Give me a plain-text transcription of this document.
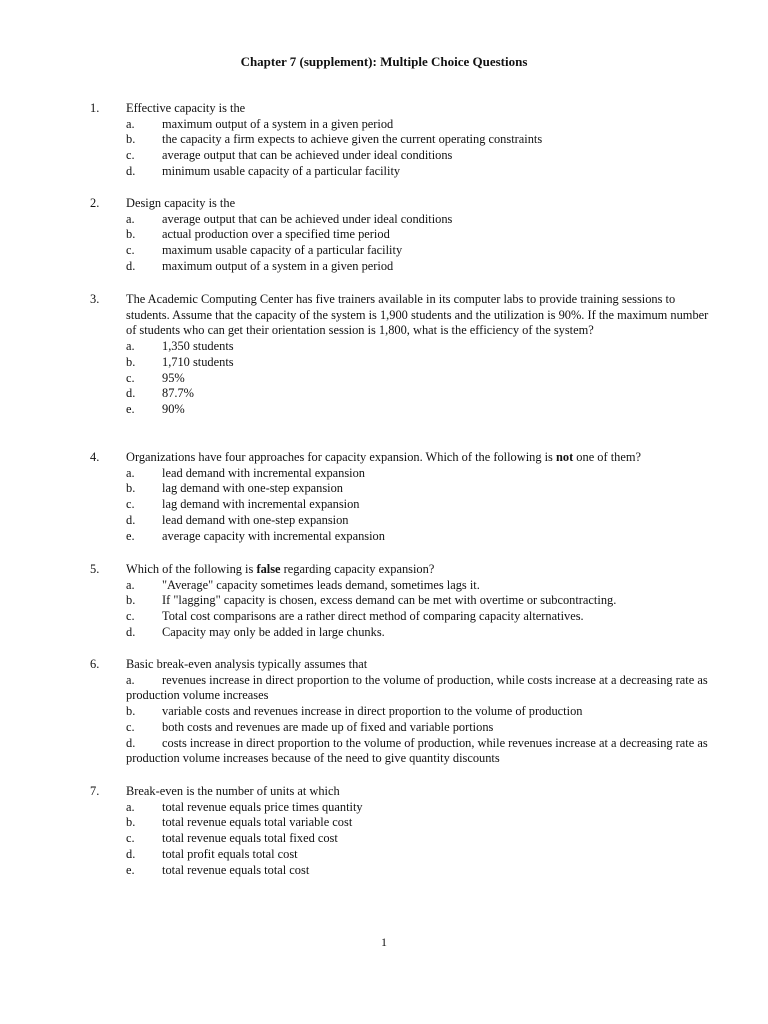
Chapter 7 (supplement): Multiple Choice Questions
1.	Effective capacity is the
a.	maximum output of a system in a given period
b.	the capacity a firm expects to achieve given the current operating constraints
c.	average output that can be achieved under ideal conditions
d.	minimum usable capacity of a particular facility
2.	Design capacity is the
a.	average output that can be achieved under ideal conditions
b.	actual production over a specified time period
c.	maximum usable capacity of a particular facility
d.	maximum output of a system in a given period
3.	The Academic Computing Center has five trainers available in its computer labs to provide training sessions to students. Assume that the capacity of the system is 1,900 students and the utilization is 90%. If the maximum number of students who can get their orientation session is 1,800, what is the efficiency of the system?
a.	1,350 students
b.	1,710 students
c.	95%
d.	87.7%
e.	90%
4.	Organizations have four approaches for capacity expansion. Which of the following is not one of them?
a.	lead demand with incremental expansion
b.	lag demand with one-step expansion
c.	lag demand with incremental expansion
d.	lead demand with one-step expansion
e.	average capacity with incremental expansion
5.	Which of the following is false regarding capacity expansion?
a.	"Average" capacity sometimes leads demand, sometimes lags it.
b.	If "lagging" capacity is chosen, excess demand can be met with overtime or subcontracting.
c.	Total cost comparisons are a rather direct method of comparing capacity alternatives.
d.	Capacity may only be added in large chunks.
6.	Basic break-even analysis typically assumes that
a. revenues increase in direct proportion to the volume of production, while costs increase at a decreasing rate as production volume increases
b.	variable costs and revenues increase in direct proportion to the volume of production
c.	both costs and revenues are made up of fixed and variable portions
d. costs increase in direct proportion to the volume of production, while revenues increase at a decreasing rate as production volume increases because of the need to give quantity discounts
7.	Break-even is the number of units at which
a.	total revenue equals price times quantity
b.	total revenue equals total variable cost
c.	total revenue equals total fixed cost
d.	total profit equals total cost
e.	total revenue equals total cost
1
